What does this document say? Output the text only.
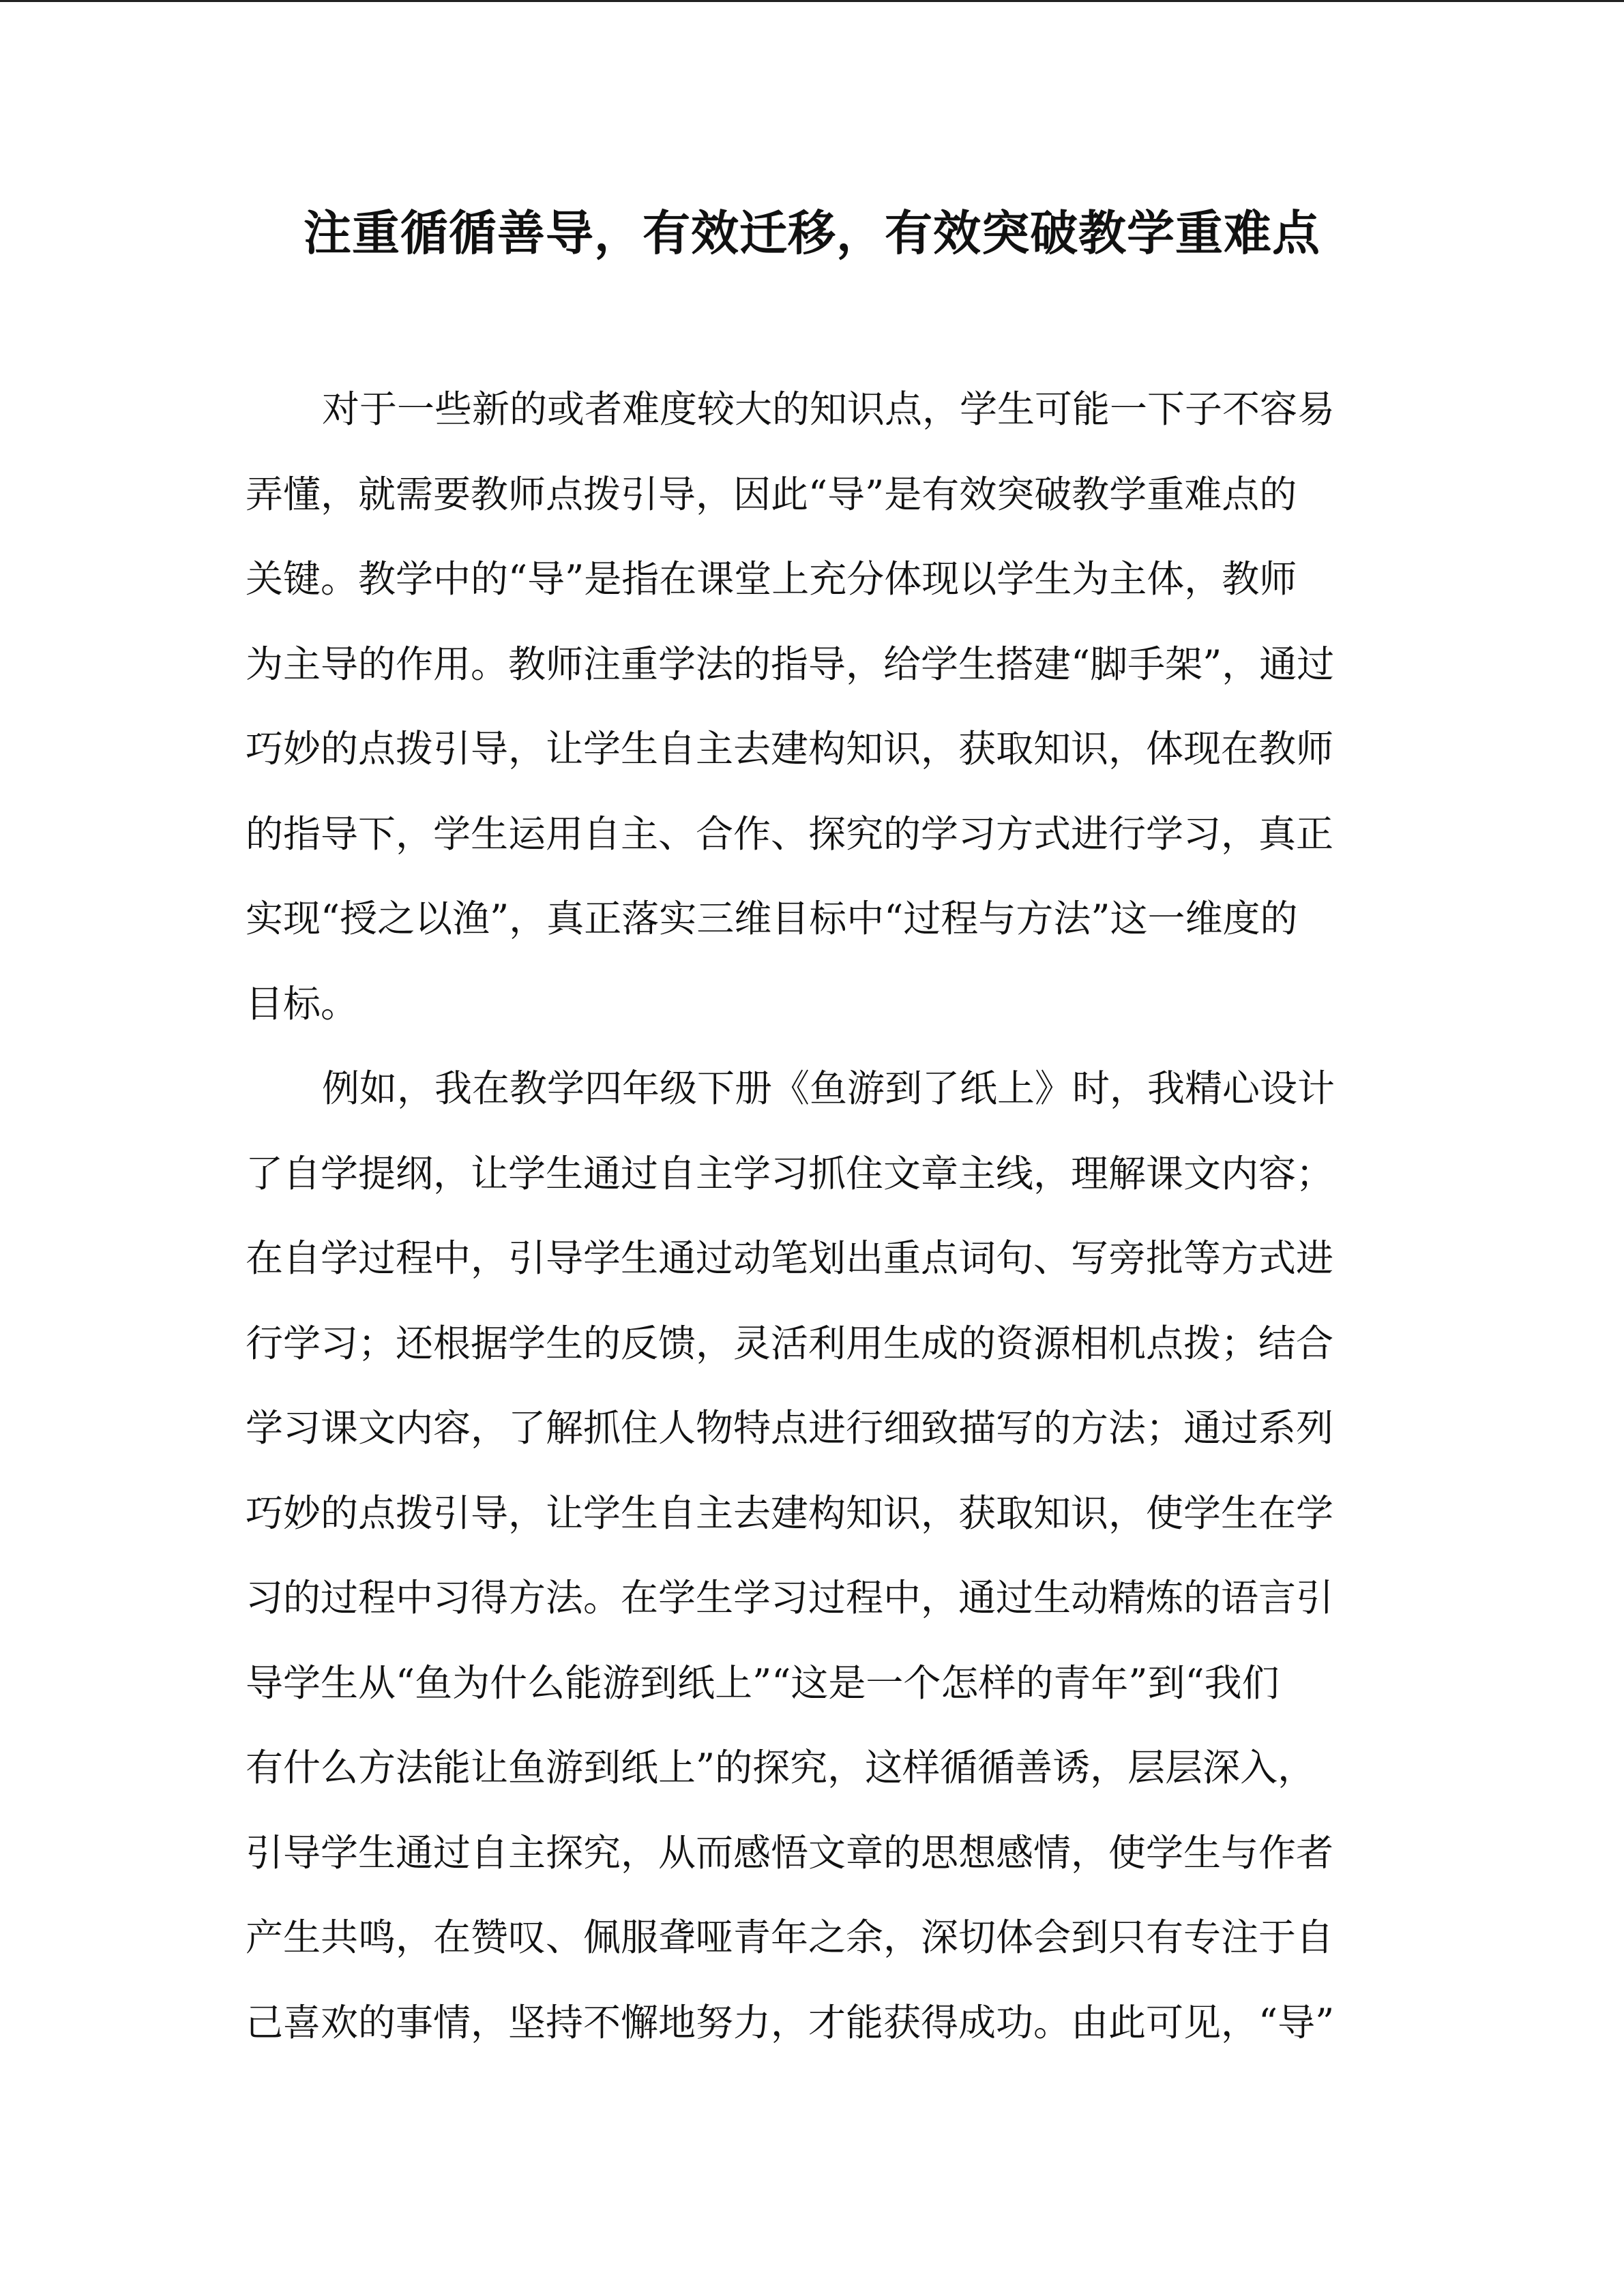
注重循循善导，有效迁移，有效突破教学重难点
对于一些新的或者难度较大的知识点，学生可能一下子不容易
弄懂，就需要教师点拨引导，因此“导”是有效突破教学重难点的
关键。教学中的“导”是指在课堂上充分体现以学生为主体，教师
为主导的作用。教师注重学法的指导，给学生搭建“脚手架”，通过
巧妙的点拨引导，让学生自主去建构知识，获取知识，体现在教师
的指导下，学生运用自主、合作、探究的学习方式进行学习，真正
实现“授之以渔”，真正落实三维目标中“过程与方法”这一维度的
目标。
例如，我在教学四年级下册《鱼游到了纸上》时，我精心设计
了自学提纲，让学生通过自主学习抓住文章主线，理解课文内容；
在自学过程中，引导学生通过动笔划出重点词句、写旁批等方式进
行学习；还根据学生的反馈，灵活利用生成的资源相机点拨；结合
学习课文内容，了解抓住人物特点进行细致描写的方法；通过系列
巧妙的点拨引导，让学生自主去建构知识，获取知识，使学生在学
习的过程中习得方法。在学生学习过程中，通过生动精炼的语言引
导学生从“鱼为什么能游到纸上”“这是一个怎样的青年”到“我们
有什么方法能让鱼游到纸上”的探究，这样循循善诱，层层深入，
引导学生通过自主探究，从而感悟文章的思想感情，使学生与作者
产生共鸣，在赞叹、佩服聋哑青年之余，深切体会到只有专注于自
己喜欢的事情，坚持不懈地努力，才能获得成功。由此可见，“导”
